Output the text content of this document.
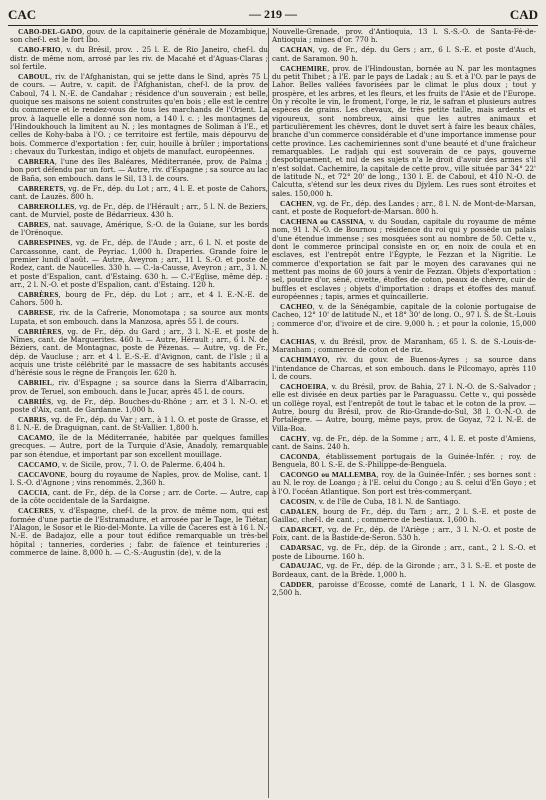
CAC	— 219 —	CAD

CABO-DEL-GADO, gouv. de la capitainerie générale de Mozambique, son chef-l. est le fort Ibo.

CABO-FRIO, v. du Brésil, prov. . 25 l. E. de Rio Janeiro, chef-l. du distr. de même nom, arrosé par les riv. de Macahé et d'Aguas-Claras ; sol fertile.

CABOUL, riv. de l'Afghanistan, qui se jette dans le Sind, après 75 l. de cours. — Autre, v. capit. de l'Afghanistan, chef-l. de la prov. de Caboul, 74 l. N.-E. de Candahar ; résidence d'un souverain ; est belle, quoique ses maisons ne soient construites qu'en bois ; elle est le centre du commerce et le rendez-vous de tous les marchands de l'Orient. La prov. à laquelle elle a donné son nom, a 140 l. c. ; les montagnes de l'Hindoukhouch la limitent au N. ; les montagnes de Soliman à l'E., et celles de Kohy-baba à l'O. ; ce territoire est fertile, mais dépourvu de bois. Commerce d'exportation : fer, cuir, houille à brûler ; importations : chevaux du Turkestan, indigo et objets de manufact. européennes.

CABRERA, l'une des îles Baléares, Méditerranée, prov. de Palma ; bon port défendu par un fort. — Autre, riv. d'Espagne ; sa source au lac de Baña, son embouch. dans le Sil, 13 l. de cours.

CABRERETS, vg. de Fr., dép. du Lot ; arr., 4 l. E. et poste de Cahors, cant. de Lauzès. 800 h.

CABREROLLES, vg. de Fr., dép. de l'Hérault ; arr., 5 l. N. de Beziers, cant. de Murviel, poste de Bédarrieux. 430 h.

CABRES, nat. sauvage, Amérique, S.-O. de la Guiane, sur les bords de l'Orénoque.

CABRESPINES, vg. de Fr., dép. de l'Aude ; arr., 6 l. N. et poste de Carcassonne, cant. de Peyriac. 1,000 h. Draperies. Grande foire le premier lundi d'août. — Autre, Aveyron ; arr., 11 l. S.-O. et poste de Rodez, cant. de Naucelles. 330 h. — C.-la-Causse, Aveyron ; arr., 3 l. N. et poste d'Espalion, cant. d'Estaing. 630 h. — C.-l'Eglise, même dép. ; arr., 2 l. N.-O. et poste d'Espalion, cant. d'Estaing. 120 h.

CABRÈRES, bourg de Fr., dép. du Lot ; arr., et 4 l. E.-N.-E. de Cahors. 500 h.

CABRESE, riv. de la Cafrerie, Monomotapa ; sa source aux monts Lupata, et son embouch. dans la Manzosa, après 55 l. de cours.

CABRIÈRES, vg. de Fr., dép. du Gard ; arr., 3 l. N.-E. et poste de Nîmes, cant. de Marguerites. 460 h. — Autre, Hérault ; arr., 6 l. N. de Béziers, cant. de Montagnac, poste de Pézenas. — Autre, vg. de Fr., dép. de Vaucluse ; arr. et 4 l. E.-S.-E. d'Avignon, cant. de l'Isle ; il a acquis une triste célébrité par le massacre de ses habitants accusés d'hérésie sous le règne de François Ier. 620 h.

CABRIEL, riv. d'Espagne ; sa source dans la Sierra d'Albarracin, prov. de Teruel, son embouch. dans le Jucar, après 45 l. de cours.

CABRIÈS, vg. de Fr., dép. Bouches-du-Rhône ; arr. et 3 l. N.-O. et poste d'Aix, cant. de Gardanne. 1,000 h.

CABRIS, vg. de Fr., dép. du Var ; arr., à 1 l. O. et poste de Grasse, et 8 l. N.-E. de Draguignan, cant. de St-Vallier. 1,800 h.

CACAMO, île de la Méditerranée, habitée par quelques familles grecques. — Autre, port de la Turquie d'Asie, Anadoly, remarquable par son étendue, et important par son excellent mouillage.

CACCAMO, v. de Sicile, prov., 7 l. O. de Palerme. 6,404 h.

CACCAVONE, bourg du royaume de Naples, prov. de Molise, cant. 1 l. S.-O. d'Agnone ; vins renommés. 2,360 h.

CACCIA, cant. de Fr., dép. de la Corse ; arr. de Corte. — Autre, cap de la côte occidentale de la Sardaigne.

CACERES, v. d'Espagne, chef-l. de la prov. de même nom, qui est formée d'une partie de l'Estramadure, et arrosée par le Tage, le Tiétar, l'Alagon, le Sosor et le Rio-del-Monte. La ville de Caceres est à 16 l. N.-N.-E. de Badajoz, elle a pour tout édifice remarquable un très-bel hôpital ; tanneries, corderies ; fabr. de faïence et teintureries ; commerce de laine. 8,000 h. — C.-S.-Augustin (de), v. de la

Nouvelle-Grenade, prov. d'Antioquia, 13 l. S.-S.-O. de Santa-Fé-de-Antioquia ; mines d'or. 770 h.

CACHAN, vg. de Fr., dép. du Gers ; arr., 6 l. S.-E. et poste d'Auch, cant. de Saramon. 90 h.

CACHEMIRE, prov. de l'Hindoustan, bornée au N. par les montagnes du petit Thibet ; à l'E. par le pays de Ladak ; au S. et à l'O. par le pays de Lahor. Belles vallées favorisées par le climat le plus doux ; tout y prospère, et les arbres, et les fleurs, et les fruits de l'Asie et de l'Europe. On y récolte le vin, le froment, l'orge, le riz, le safran et plusieurs autres espèces de grains. Les chevaux, de très petite taille, mais ardents et vigoureux, sont nombreux, ainsi que les autres animaux et particulièrement les chèvres, dont le duvet sert à faire les beaux châles, branche d'un commerce considérable et d'une importance immense pour cette province. Les cachemiriennes sont d'une beauté et d'une fraîcheur remarquables. Le radjah qui est souverain de ce pays, gouverne despotiquement, et nul de ses sujets n'a le droit d'avoir des armes s'il n'est soldat. Cachemire, la capitale de cette prov., ville située par 34° 22' de latitude N., et 72° 20' de long., 130 l. E. de Caboul, et 410 N.-O. de Calcutta, s'étend sur les deux rives du Djylem. Les rues sont étroites et sales. 150,000 h.

CACHEN, vg. de Fr., dép. des Landes ; arr., 8 l. N. de Mont-de-Marsan, cant. et poste de Roquefort-de-Marsan. 800 h.

CACHENA ou CASSINA, v. du Soudan, capitale du royaume de même nom, 91 l. N.-O. de Bournou ; résidence du roi qui y possède un palais d'une étendue immense ; ses mosquées sont au nombre de 50. Cette v., dont le commerce principal consiste en or, en noix de coula et en esclaves, est l'entrepôt entre l'Égypte, le Fezzan et la Nigritie. Le commerce d'exportation se fait par le moyen des caravanes qui ne mettent pas moins de 60 jours à venir de Fezzan. Objets d'exportation : sel, poudre d'or, séné, civette, étoffes de coton, peaux de chèvre, cuir de buffles et esclaves ; objets d'importation : draps et étoffes des manuf. européennes ; tapis, armes et quincaillerie.

CACHEO, v. de la Sénégambie, capitale de la colonie portugaise de Cacheo, 12° 10' de latitude N., et 18° 30' de long. O., 97 l. S. de St.-Louis ; commerce d'or, d'ivoire et de cire. 9,000 h. ; et pour la colonie, 15,000 h.

CACHIAS, v. du Brésil, prov. de Maranham, 65 l. S. de S.-Louis-de-Maranham ; commerce de coton et de riz.

CACHIMAYO, riv. du gouv. de Buenos-Ayres ; sa source dans l'intendance de Charcas, et son embouch. dans le Pilcomayo, après 110 l. de cours.

CACHOEIRA, v. du Brésil, prov. de Bahia, 27 l. N.-O. de S.-Salvador ; elle est divisée en deux parties par le Paraguassu. Cette v., qui possède un collège royal, est l'entrepôt de tout le tabac et le coton de la prov. — Autre, bourg du Brésil, prov. de Rio-Grande-do-Sul, 38 l. O.-N.-O. de Portalègre. — Autre, bourg, même pays, prov. de Goyaz, 72 l. N.-E. de Villa-Boa.

CACHY, vg. de Fr., dép. de la Somme ; arr., 4 l. E. et poste d'Amiens, cant. de Sains. 240 h.

CACONDA, établissement portugais de la Guinée-Infér. ; roy. de Benguela, 80 l. S.-E. de S.-Philippe-de-Benguela.

CACONGO ou MALLEMBA, roy. de la Guinée-Infér. ; ses bornes sont : au N. le roy. de Loango ; à l'E. celui du Congo ; au S. celui d'En Goyo ; et à l'O. l'océan Atlantique. Son port est très-commerçant.

CACOSIN, v. de l'île de Cuba, 18 l. N. de Santiago.

CADALEN, bourg de Fr., dép. du Tarn ; arr., 2 l. S.-E. et poste de Gaillac, chef-l. de cant. ; commerce de bestiaux. 1,600 h.

CADARCET, vg. de Fr., dép. de l'Ariège ; arr., 3 l. N.-O. et poste de Foix, cant. de la Bastide-de-Seron. 530 h.

CADARSAC, vg. de Fr., dép. de la Gironde ; arr., cant., 2 l. S.-O. et poste de Libourne. 160 h.

CADAUJAC, vg. de Fr., dép. de la Gironde ; arr., 3 l. S.-E. et poste de Bordeaux, cant. de la Brède. 1,000 h.

CADDER, paroisse d'Ecosse, comté de Lanark, 1 l. N. de Glasgow. 2,500 h.
